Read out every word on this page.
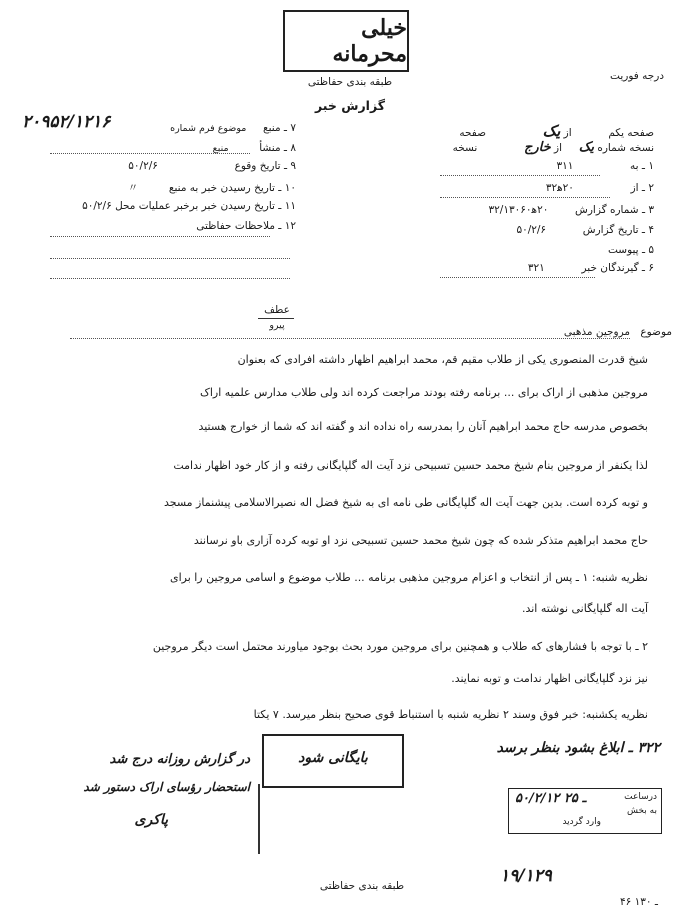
خیلی محرمانه
طبقه بندی حفاظتی
گزارش خبر
درجه فوریت
صفحه یکم  از یک  صفحه
نسخه شماره یک  از خارج  نسخه
۱ ـ به  ۳۱۱
۲ ـ از  ۲۰ﻫ۳۲
۳ ـ شماره گزارش  ۲۰ﻫ۳۲/۱۳۰۶۰
۴ ـ تاریخ گزارش  ۵۰/۲/۶
۵ ـ پیوست
۶ ـ گیرندگان خبر  ۳۲۱
۲۰۹۵۲/۱۲۱۶	۷ ـ منبع  موضوع فرم شماره
۸ ـ منشأ  منبع
۹ ـ تاریخ وقوع  ۵۰/۲/۶
۱۰ ـ تاریخ رسیدن خبر به منبع  〃
۱۱ ـ تاریخ رسیدن خبر برخبر عملیات محل ۵۰/۲/۶
۱۲ ـ ملاحظات حفاظتی
عطف
پیرو
موضوع
مروجین مذهبی
شیخ قدرت المنصوری یکی از طلاب مقیم قم، محمد ابراهیم اظهار داشته افرادی که بعنوان
مروجین مذهبی از اراک برای ... برنامه رفته بودند مراجعت کرده اند ولی طلاب مدارس علمیه اراک
بخصوص مدرسه حاج محمد ابراهیم آنان را بمدرسه راه نداده اند و گفته اند که شما از خوارج هستید
لذا یکنفر از مروجین بنام شیخ محمد حسین تسبیحی نزد آیت اله گلپایگانی رفته و از کار خود اظهار ندامت
و توبه کرده است. بدین جهت آیت اله گلپایگانی طی نامه ای به شیخ فضل اله نصیرالاسلامی پیشنماز مسجد
حاج محمد ابراهیم متذکر شده که چون شیخ محمد حسین تسبیحی نزد او توبه کرده آزاری باو نرسانند
نظریه شنبه: ۱ ـ پس از انتخاب و اعزام مروجین مذهبی برنامه ... طلاب موضوع و اسامی مروجین را برای
آیت اله گلپایگانی نوشته اند.
۲ ـ با توجه با فشارهای که طلاب و همچنین برای مروجین مورد بحث بوجود میاورند محتمل است دیگر مروجین
نیز نزد گلپایگانی اظهار ندامت و توبه نمایند.
نظریه یکشنبه: خبر فوق وسند ۲ نظریه شنبه با استنباط قوی صحیح بنظر میرسد. ۷ یکتا
۳۲۲ ـ ابلاغ بشود بنظر برسد
درساعت
به بخش
وارد گردید
۵۰/۲/۱۲ ـ ۲۵
بایگانی شود
در گزارش روزانه درج شد
استحضار رؤسای اراک دستور شد
پاکری
طبقه بندی حفاظتی	۱۹/۱۲۹
۴۶ ـ ۱۳۰
